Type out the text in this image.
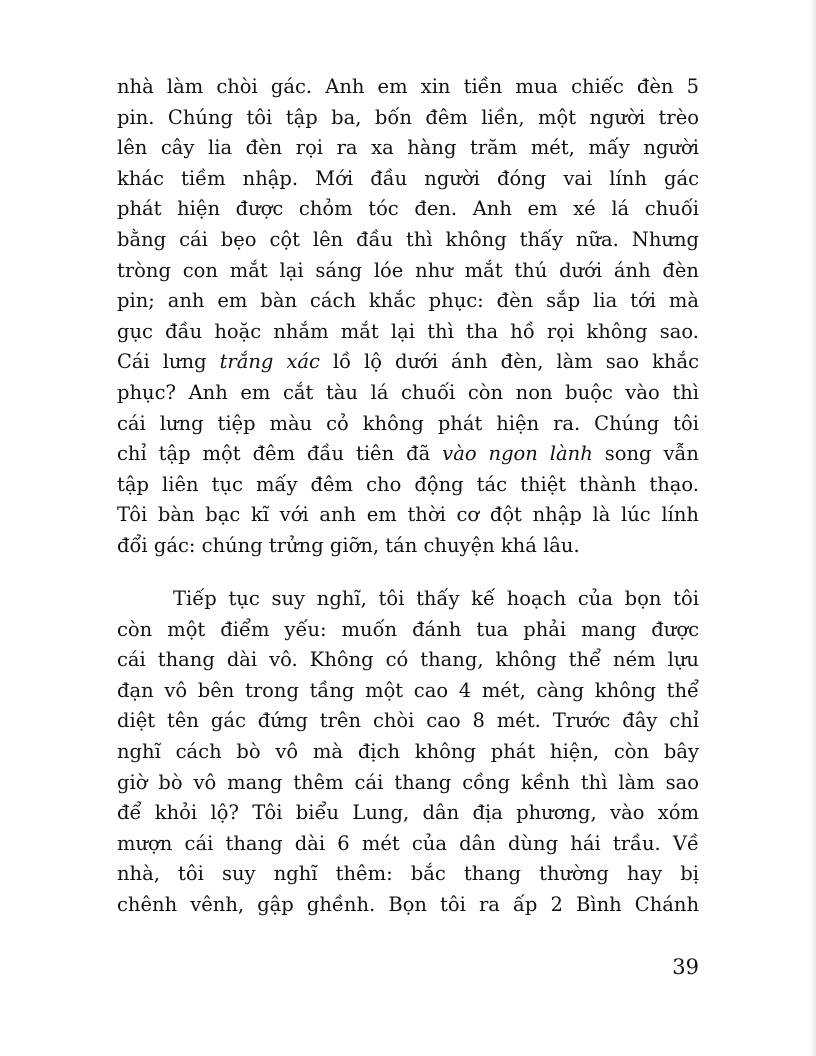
nhà làm chòi gác. Anh em xin tiền mua chiếc đèn 5
pin. Chúng tôi tập ba, bốn đêm liền, một người trèo
lên cây lia đèn rọi ra xa hàng trăm mét, mấy người
khác tiềm nhập. Mới đầu người đóng vai lính gác
phát hiện được chỏm tóc đen. Anh em xé lá chuối
bằng cái bẹo cột lên đầu thì không thấy nữa. Nhưng
tròng con mắt lại sáng lóe như mắt thú dưới ánh đèn
pin; anh em bàn cách khắc phục: đèn sắp lia tới mà
gục đầu hoặc nhắm mắt lại thì tha hồ rọi không sao.
Cái lưng trắng xác lồ lộ dưới ánh đèn, làm sao khắc
phục? Anh em cắt tàu lá chuối còn non buộc vào thì
cái lưng tiệp màu cỏ không phát hiện ra. Chúng tôi
chỉ tập một đêm đầu tiên đã vào ngon lành song vẫn
tập liên tục mấy đêm cho động tác thiệt thành thạo.
Tôi bàn bạc kĩ với anh em thời cơ đột nhập là lúc lính
đổi gác: chúng trửng giỡn, tán chuyện khá lâu.
Tiếp tục suy nghĩ, tôi thấy kế hoạch của bọn tôi
còn một điểm yếu: muốn đánh tua phải mang được
cái thang dài vô. Không có thang, không thể ném lựu
đạn vô bên trong tầng một cao 4 mét, càng không thể
diệt tên gác đứng trên chòi cao 8 mét. Trước đây chỉ
nghĩ cách bò vô mà địch không phát hiện, còn bây
giờ bò vô mang thêm cái thang cồng kềnh thì làm sao
để khỏi lộ? Tôi biểu Lung, dân địa phương, vào xóm
mượn cái thang dài 6 mét của dân dùng hái trầu. Về
nhà, tôi suy nghĩ thêm: bắc thang thường hay bị
chênh vênh, gập ghềnh. Bọn tôi ra ấp 2 Bình Chánh
39
